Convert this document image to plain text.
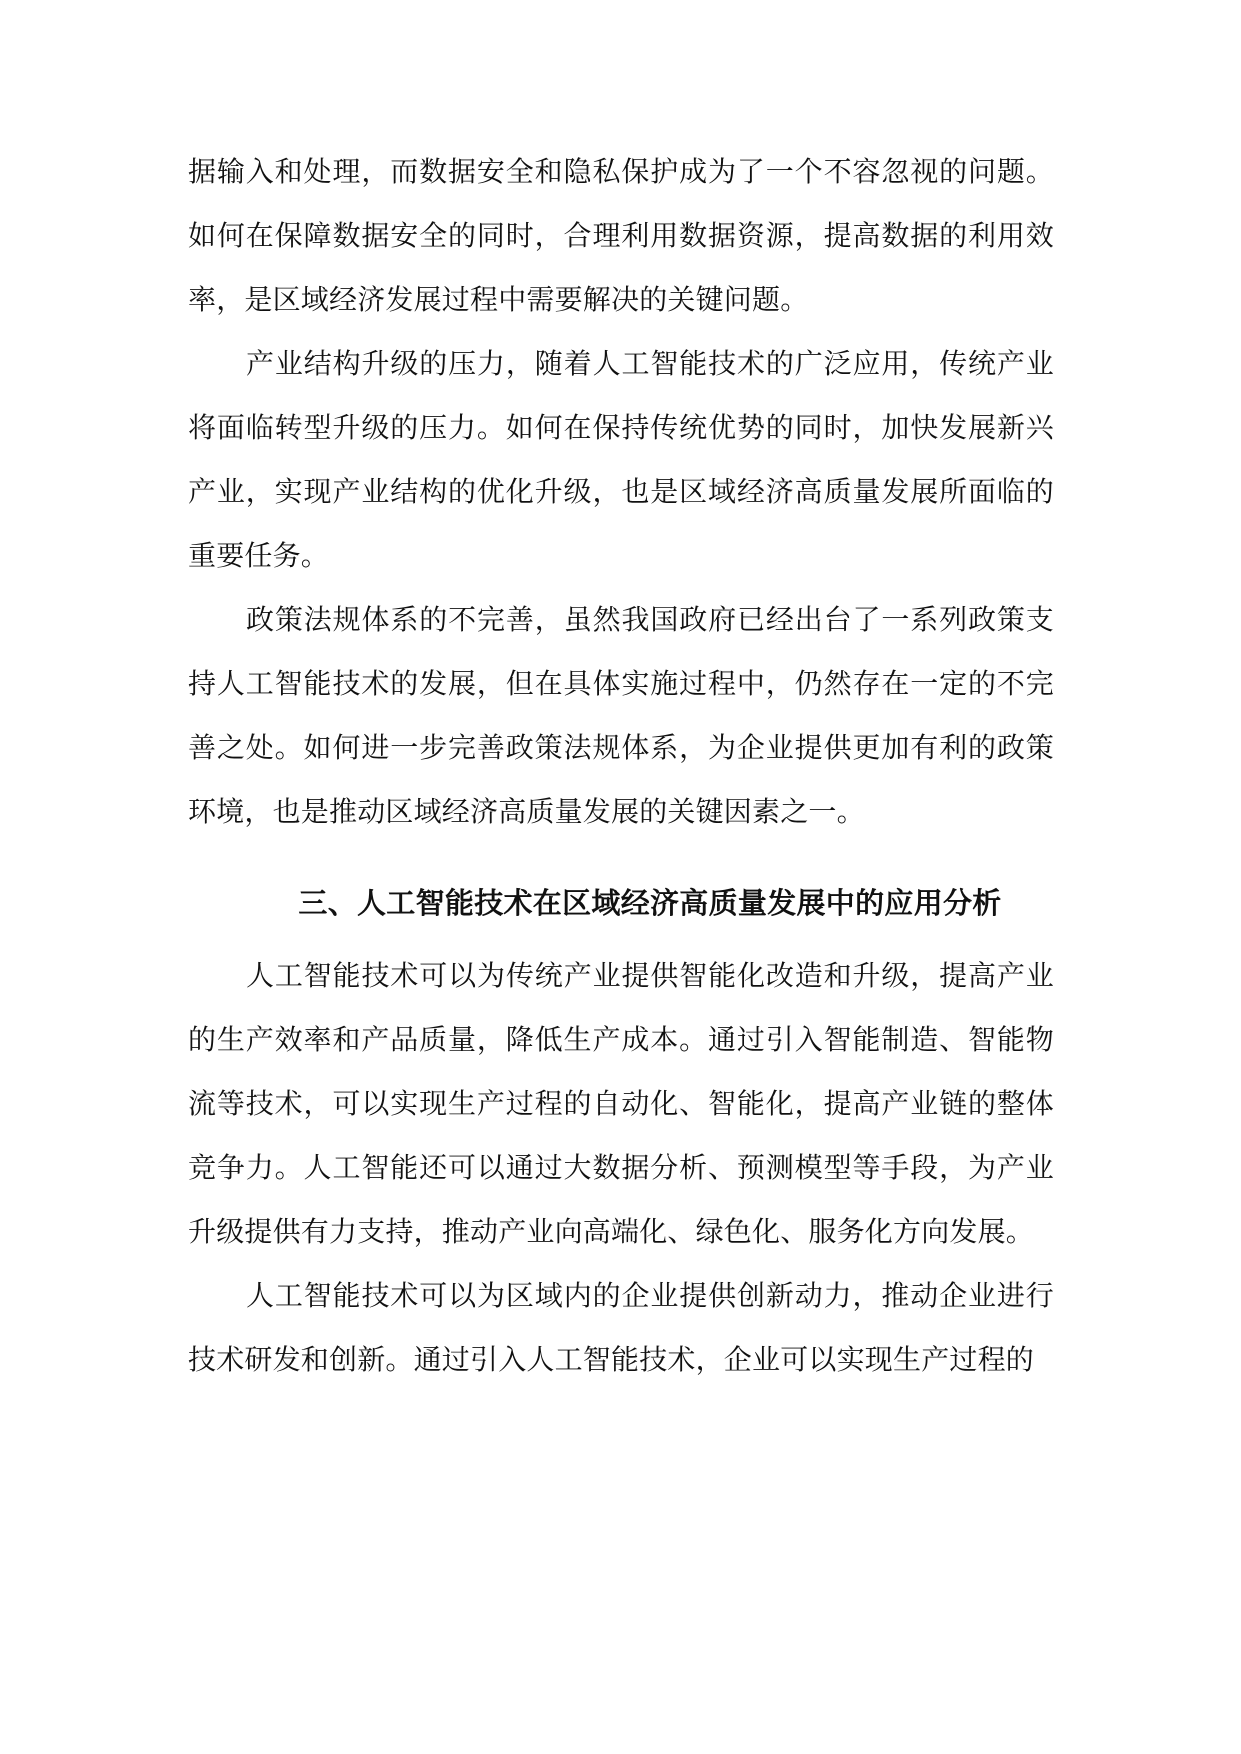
据输入和处理，而数据安全和隐私保护成为了一个不容忽视的问题。如何在保障数据安全的同时，合理利用数据资源，提高数据的利用效率，是区域经济发展过程中需要解决的关键问题。

产业结构升级的压力，随着人工智能技术的广泛应用，传统产业将面临转型升级的压力。如何在保持传统优势的同时，加快发展新兴产业，实现产业结构的优化升级，也是区域经济高质量发展所面临的重要任务。

政策法规体系的不完善，虽然我国政府已经出台了一系列政策支持人工智能技术的发展，但在具体实施过程中，仍然存在一定的不完善之处。如何进一步完善政策法规体系，为企业提供更加有利的政策环境，也是推动区域经济高质量发展的关键因素之一。

三、人工智能技术在区域经济高质量发展中的应用分析

人工智能技术可以为传统产业提供智能化改造和升级，提高产业的生产效率和产品质量，降低生产成本。通过引入智能制造、智能物流等技术，可以实现生产过程的自动化、智能化，提高产业链的整体竞争力。人工智能还可以通过大数据分析、预测模型等手段，为产业升级提供有力支持，推动产业向高端化、绿色化、服务化方向发展。

人工智能技术可以为区域内的企业提供创新动力，推动企业进行技术研发和创新。通过引入人工智能技术，企业可以实现生产过程的
